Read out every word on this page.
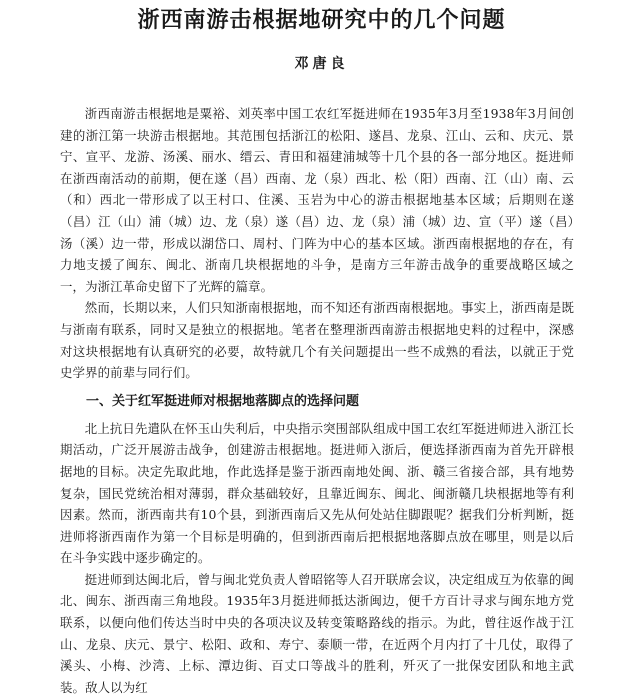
浙西南游击根据地研究中的几个问题
邓唐良

浙西南游击根据地是粟裕、刘英率中国工农红军挺进师在1935年3月至1938年3月间创建的浙江第一块游击根据地。其范围包括浙江的松阳、遂昌、龙泉、江山、云和、庆元、景宁、宣平、龙游、汤溪、丽水、缙云、青田和福建浦城等十几个县的各一部分地区。挺进师在浙西南活动的前期，便在遂（昌）西南、龙（泉）西北、松（阳）西南、江（山）南、云（和）西北一带形成了以王村口、住溪、玉岩为中心的游击根据地基本区域；后期则在遂（昌）江（山）浦（城）边、龙（泉）遂（昌）边、龙（泉）浦（城）边、宣（平）遂（昌）汤（溪）边一带，形成以湖岱口、周村、门阵为中心的基本区域。浙西南根据地的存在，有力地支援了闽东、闽北、浙南几块根据地的斗争，是南方三年游击战争的重要战略区域之一，为浙江革命史留下了光辉的篇章。

然而，长期以来，人们只知浙南根据地，而不知还有浙西南根据地。事实上，浙西南是既与浙南有联系，同时又是独立的根据地。笔者在整理浙西南游击根据地史料的过程中，深感对这块根据地有认真研究的必要，故特就几个有关问题提出一些不成熟的看法，以就正于党史学界的前辈与同行们。

一、关于红军挺进师对根据地落脚点的选择问题

北上抗日先遣队在怀玉山失利后，中央指示突围部队组成中国工农红军挺进师进入浙江长期活动，广泛开展游击战争，创建游击根据地。挺进师入浙后，便选择浙西南为首先开辟根据地的目标。决定先取此地，作此选择是鉴于浙西南地处闽、浙、赣三省接合部，具有地势复杂，国民党统治相对薄弱，群众基础较好，且靠近闽东、闽北、闽浙赣几块根据地等有利因素。然而，浙西南共有10个县，到浙西南后又先从何处站住脚跟呢？据我们分析判断，挺进师将浙西南作为第一个目标是明确的，但到浙西南后把根据地落脚点放在哪里，则是以后在斗争实践中逐步确定的。

挺进师到达闽北后，曾与闽北党负责人曾昭铭等人召开联席会议，决定组成互为依靠的闽北、闽东、浙西南三角地段。1935年3月挺进师抵达浙闽边，便千方百计寻求与闽东地方党联系，以便向他们传达当时中央的各项决议及转变策略路线的指示。为此，曾往返作战于江山、龙泉、庆元、景宁、松阳、政和、寿宁、泰顺一带，在近两个月内打了十几仗，取得了溪头、小梅、沙湾、上标、潭边街、百丈口等战斗的胜利，歼灭了一批保安团队和地主武装。敌人以为红
